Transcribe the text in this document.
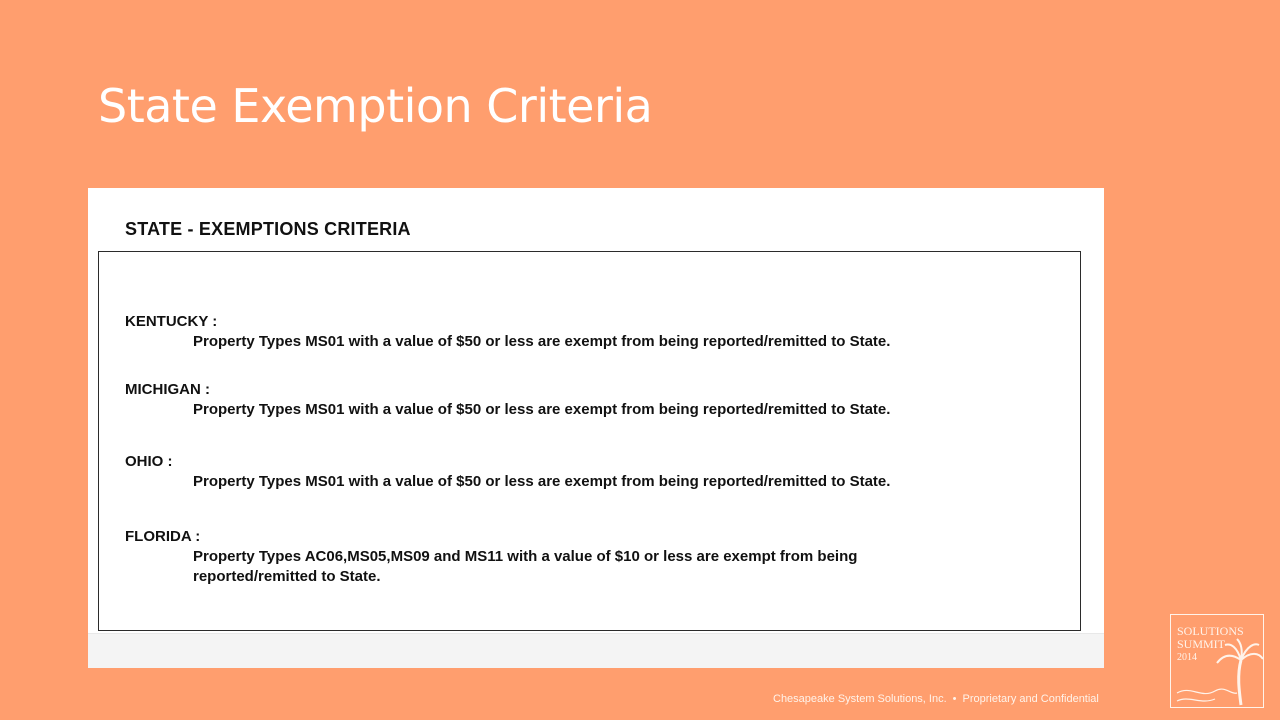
State Exemption Criteria
STATE - EXEMPTIONS CRITERIA
KENTUCKY :
Property Types MS01 with a value of $50 or less are exempt from being reported/remitted to State.
MICHIGAN :
Property Types MS01 with a value of $50 or less are exempt from being reported/remitted to State.
OHIO :
Property Types MS01 with a value of $50 or less are exempt from being reported/remitted to State.
FLORIDA :
Property Types AC06,MS05,MS09 and MS11 with a value of $10 or less are exempt from being reported/remitted to State.
Chesapeake System Solutions, Inc. • Proprietary and Confidential
SOLUTIONS
SUMMIT
2014
